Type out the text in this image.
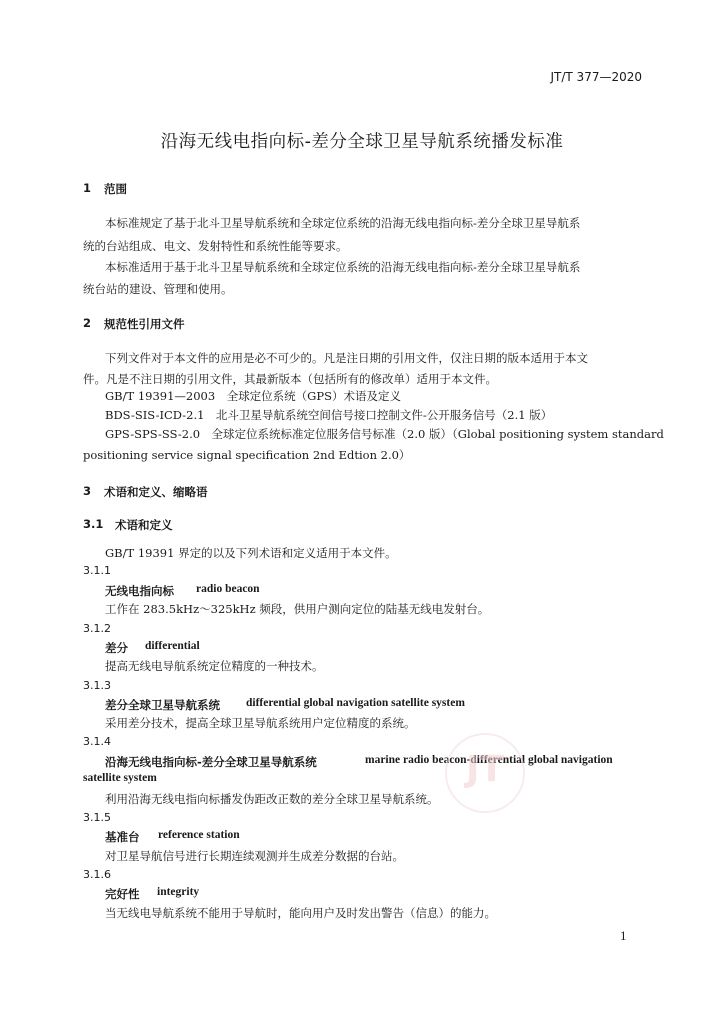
JT/T 377—2020
沿海无线电指向标-差分全球卫星导航系统播发标准
1 范围
本标准规定了基于北斗卫星导航系统和全球定位系统的沿海无线电指向标-差分全球卫星导航系
统的台站组成、电文、发射特性和系统性能等要求。
本标准适用于基于北斗卫星导航系统和全球定位系统的沿海无线电指向标-差分全球卫星导航系
统台站的建设、管理和使用。
2 规范性引用文件
下列文件对于本文件的应用是必不可少的。凡是注日期的引用文件，仅注日期的版本适用于本文
件。凡是不注日期的引用文件，其最新版本（包括所有的修改单）适用于本文件。
GB/T 19391—2003　全球定位系统（GPS）术语及定义
BDS-SIS-ICD-2.1　北斗卫星导航系统空间信号接口控制文件-公开服务信号（2.1 版）
GPS-SPS-SS-2.0　全球定位系统标准定位服务信号标准（2.0 版）（Global positioning system standard
positioning service signal specification 2nd Edtion 2.0）
3 术语和定义、缩略语
3.1 术语和定义
GB/T 19391 界定的以及下列术语和定义适用于本文件。
3.1.1
无线电指向标 radio beacon
工作在 283.5kHz～325kHz 频段，供用户测向定位的陆基无线电发射台。
3.1.2
差分 differential
提高无线电导航系统定位精度的一种技术。
3.1.3
差分全球卫星导航系统 differential global navigation satellite system
采用差分技术，提高全球卫星导航系统用户定位精度的系统。
3.1.4
沿海无线电指向标-差分全球卫星导航系统	marine radio beacon-differential global navigation
satellite system
利用沿海无线电指向标播发伪距改正数的差分全球卫星导航系统。
3.1.5
基准台 reference station
对卫星导航信号进行长期连续观测并生成差分数据的台站。
3.1.6
完好性 integrity
当无线电导航系统不能用于导航时，能向用户及时发出警告（信息）的能力。
JT
1
